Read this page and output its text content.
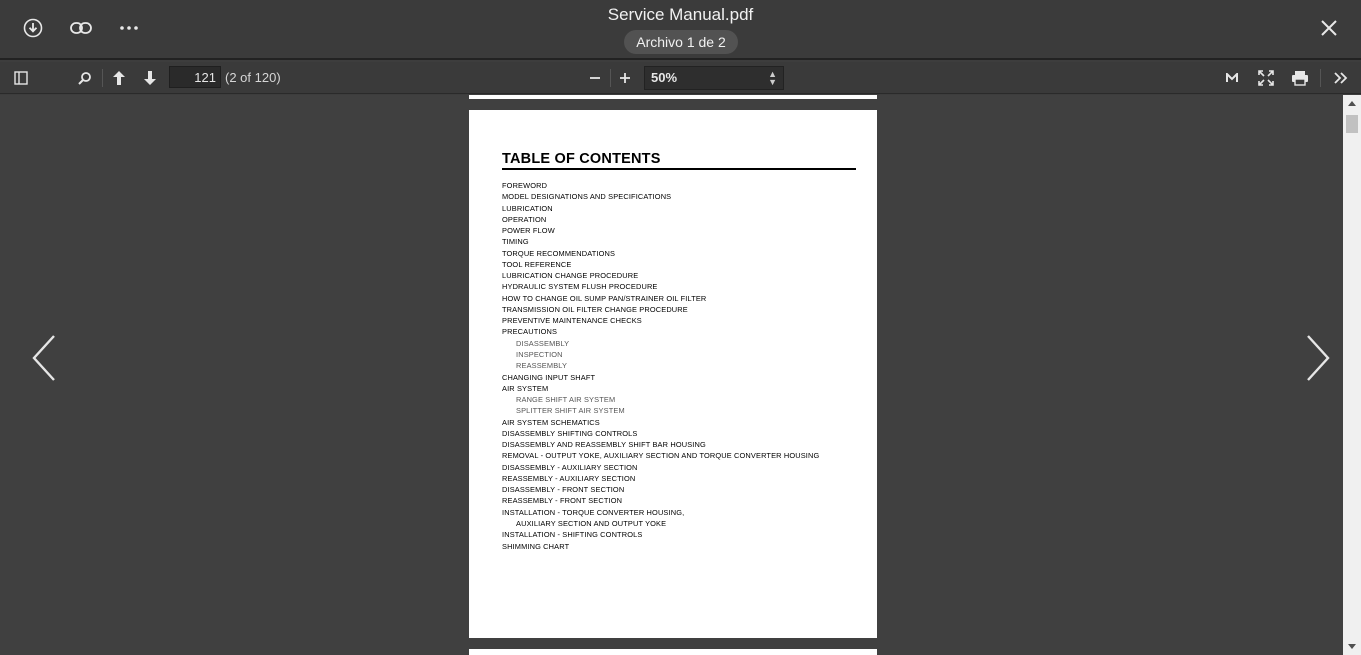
Service Manual.pdf
Archivo 1 de 2
121
(2 of 120)	50%	▲
▼
TABLE OF CONTENTS
FOREWORD
MODEL DESIGNATIONS AND SPECIFICATIONS
LUBRICATION
OPERATION
POWER FLOW
TIMING
TORQUE RECOMMENDATIONS
TOOL REFERENCE
LUBRICATION CHANGE PROCEDURE
HYDRAULIC SYSTEM FLUSH PROCEDURE
HOW TO CHANGE OIL SUMP PAN/STRAINER OIL FILTER
TRANSMISSION OIL FILTER CHANGE PROCEDURE
PREVENTIVE MAINTENANCE CHECKS
PRECAUTIONS
DISASSEMBLY
INSPECTION
REASSEMBLY
CHANGING INPUT SHAFT
AIR SYSTEM
RANGE SHIFT AIR SYSTEM
SPLITTER SHIFT AIR SYSTEM
AIR SYSTEM SCHEMATICS
DISASSEMBLY SHIFTING CONTROLS
DISASSEMBLY AND REASSEMBLY SHIFT BAR HOUSING
REMOVAL - OUTPUT YOKE, AUXILIARY SECTION AND TORQUE CONVERTER HOUSING
DISASSEMBLY - AUXILIARY SECTION
REASSEMBLY - AUXILIARY SECTION
DISASSEMBLY - FRONT SECTION
REASSEMBLY - FRONT SECTION
INSTALLATION - TORQUE CONVERTER HOUSING,
AUXILIARY SECTION AND OUTPUT YOKE
INSTALLATION - SHIFTING CONTROLS
SHIMMING CHART
